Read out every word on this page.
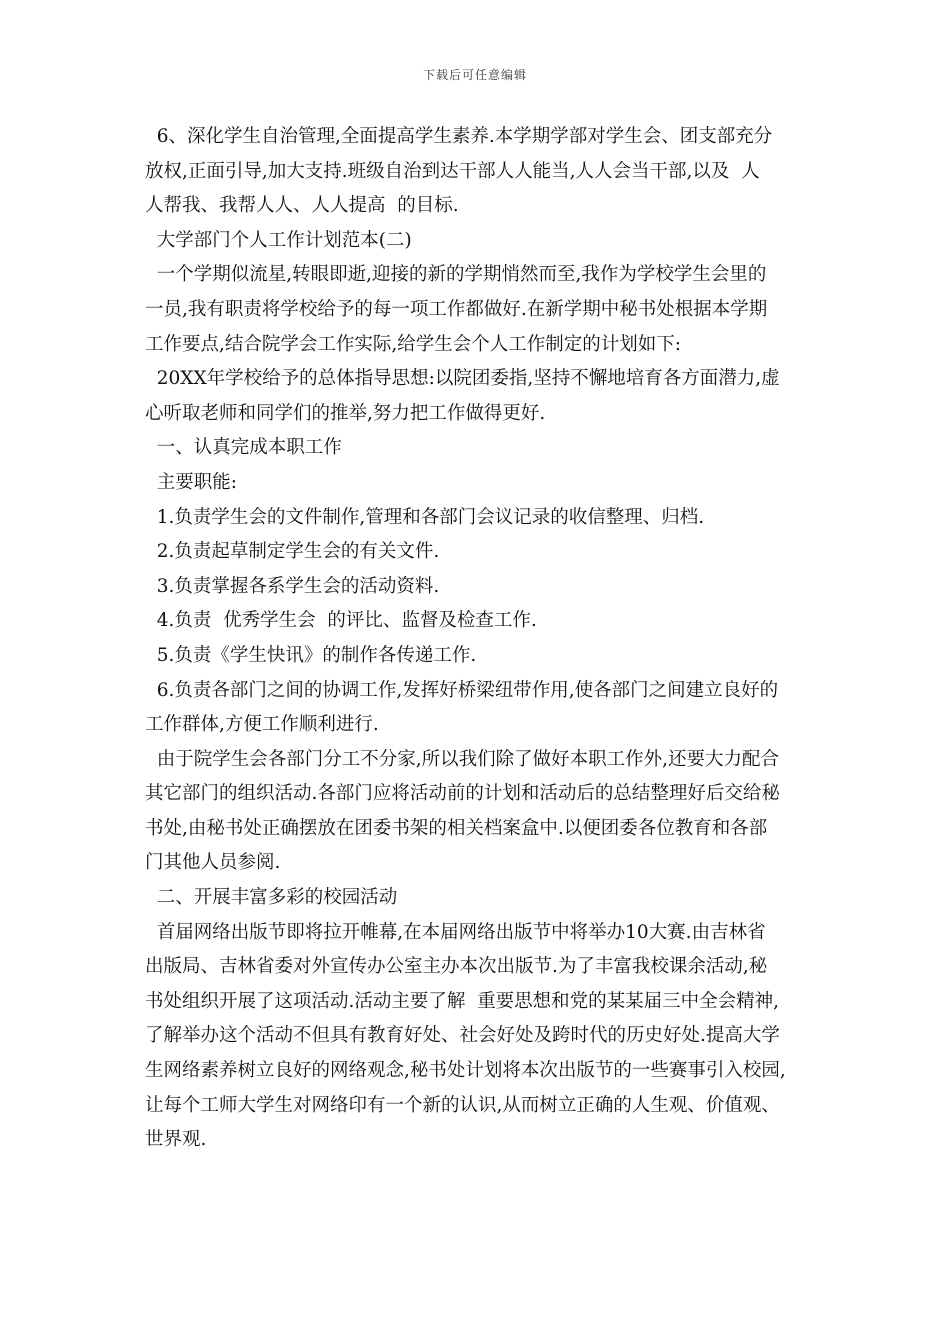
下载后可任意编辑
6、深化学生自治管理,全面提高学生素养.本学期学部对学生会、团支部充分
放权,正面引导,加大支持.班级自治到达干部人人能当,人人会当干部,以及  人
人帮我、我帮人人、人人提高  的目标.
大学部门个人工作计划范本(二)
一个学期似流星,转眼即逝,迎接的新的学期悄然而至,我作为学校学生会里的
一员,我有职责将学校给予的每一项工作都做好.在新学期中秘书处根据本学期
工作要点,结合院学会工作实际,给学生会个人工作制定的计划如下:
20XX年学校给予的总体指导思想:以院团委指,坚持不懈地培育各方面潜力,虚
心听取老师和同学们的推举,努力把工作做得更好.
一、认真完成本职工作
主要职能:
1.负责学生会的文件制作,管理和各部门会议记录的收信整理、归档.
2.负责起草制定学生会的有关文件.
3.负责掌握各系学生会的活动资料.
4.负责  优秀学生会  的评比、监督及检查工作.
5.负责《学生快讯》的制作各传递工作.
6.负责各部门之间的协调工作,发挥好桥梁纽带作用,使各部门之间建立良好的
工作群体,方便工作顺利进行.
由于院学生会各部门分工不分家,所以我们除了做好本职工作外,还要大力配合
其它部门的组织活动.各部门应将活动前的计划和活动后的总结整理好后交给秘
书处,由秘书处正确摆放在团委书架的相关档案盒中.以便团委各位教育和各部
门其他人员参阅.
二、开展丰富多彩的校园活动
首届网络出版节即将拉开帷幕,在本届网络出版节中将举办10大赛.由吉林省
出版局、吉林省委对外宣传办公室主办本次出版节.为了丰富我校课余活动,秘
书处组织开展了这项活动.活动主要了解  重要思想和党的某某届三中全会精神,
了解举办这个活动不但具有教育好处、社会好处及跨时代的历史好处.提高大学
生网络素养树立良好的网络观念,秘书处计划将本次出版节的一些赛事引入校园,
让每个工师大学生对网络印有一个新的认识,从而树立正确的人生观、价值观、
世界观.
